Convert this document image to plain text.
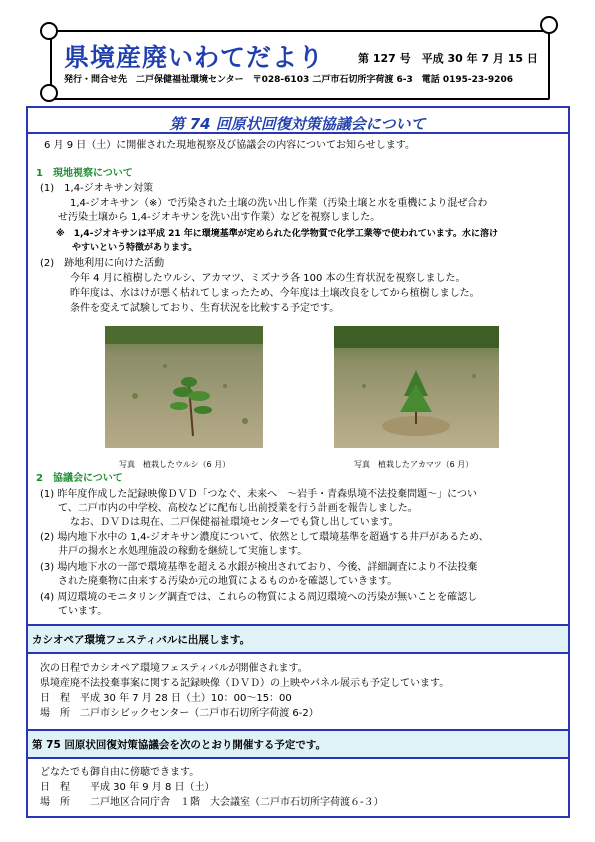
県境産廃いわてだより	第 127 号　平成 30 年 7 月 15 日
発行・問合せ先　二戸保健福祉環境センター　〒028-6103 二戸市石切所字荷渡 6-3　電話 0195-23-9206
第 74 回原状回復対策協議会について
6 月 9 日（土）に開催された現地視察及び協議会の内容についてお知らせします。
1　現地視察について
(1)　1,4-ジオキサン対策
1,4-ジオキサン（※）で汚染された土壌の洗い出し作業（汚染土壌と水を重機により混ぜ合わ
せ汚染土壌から 1,4-ジオキサンを洗い出す作業）などを視察しました。
※　1,4-ジオキサンは平成 21 年に環境基準が定められた化学物質で化学工業等で使われています。水に溶け
やすいという特徴があります。
(2)　跡地利用に向けた活動
今年 4 月に植樹したウルシ、アカマツ、ミズナラ各 100 本の生育状況を視察しました。
昨年度は、水はけが悪く枯れてしまったため、今年度は土壌改良をしてから植樹しました。
条件を変えて試験しており、生育状況を比較する予定です。
写真　植栽したウルシ（6 月）	写真　植栽したアカマツ（6 月）
2　協議会について
(1) 昨年度作成した記録映像ＤＶＤ「つなぐ、未来へ　～岩手・青森県境不法投棄問題～」につい
て、二戸市内の中学校、高校などに配布し出前授業を行う計画を報告しました。
なお、ＤＶＤは現在、二戸保健福祉環境センターでも貸し出しています。
(2) 場内地下水中の 1,4-ジオキサン濃度について、依然として環境基準を超過する井戸があるため、
井戸の揚水と水処理施設の稼動を継続して実施します。
(3) 場内地下水の一部で環境基準を超える水銀が検出されており、今後、詳細調査により不法投棄
された廃棄物に由来する汚染か元の地質によるものかを確認していきます。
(4) 周辺環境のモニタリング調査では、これらの物質による周辺環境への汚染が無いことを確認し
ています。
カシオペア環境フェスティバルに出展します。
次の日程でカシオペア環境フェスティバルが開催されます。
県境産廃不法投棄事案に関する記録映像（ＤＶＤ）の上映やパネル展示も予定しています。
日　程　平成 30 年 7 月 28 日（土）10：00～15：00
場　所　二戸市シビックセンター（二戸市石切所字荷渡 6-2）
第 75 回原状回復対策協議会を次のとおり開催する予定です。
どなたでも御自由に傍聴できます。
日　程　　平成 30 年 9 月 8 日（土）
場　所　　二戸地区合同庁舎　１階　大会議室（二戸市石切所字荷渡６-３）
